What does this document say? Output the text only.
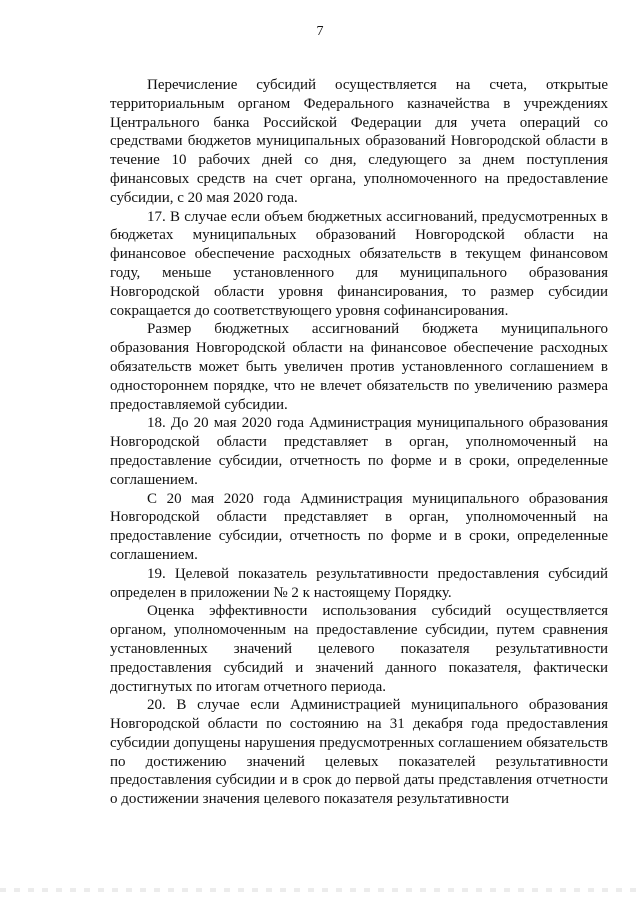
7

Перечисление субсидий осуществляется на счета, открытые территориальным органом Федерального казначейства в учреждениях Центрального банка Российской Федерации для учета операций со средствами бюджетов муниципальных образований Новгородской области в течение 10 рабочих дней со дня, следующего за днем поступления финансовых средств на счет органа, уполномоченного на предоставление субсидии, с 20 мая 2020 года.

17. В случае если объем бюджетных ассигнований, предусмотренных в бюджетах муниципальных образований Новгородской области на финансовое обеспечение расходных обязательств в текущем финансовом году, меньше установленного для муниципального образования Новгородской области уровня финансирования, то размер субсидии сокращается до соответствующего уровня софинансирования.

Размер бюджетных ассигнований бюджета муниципального образования Новгородской области на финансовое обеспечение расходных обязательств может быть увеличен против установленного соглашением в одностороннем порядке, что не влечет обязательств по увеличению размера предоставляемой субсидии.

18. До 20 мая 2020 года Администрация муниципального образования Новгородской области представляет в орган, уполномоченный на предоставление субсидии, отчетность по форме и в сроки, определенные соглашением.

С 20 мая 2020 года Администрация муниципального образования Новгородской области представляет в орган, уполномоченный на предоставление субсидии, отчетность по форме и в сроки, определенные соглашением.

19. Целевой показатель результативности предоставления субсидий определен в приложении № 2 к настоящему Порядку.

Оценка эффективности использования субсидий осуществляется органом, уполномоченным на предоставление субсидии, путем сравнения установленных значений целевого показателя результативности предоставления субсидий и значений данного показателя, фактически достигнутых по итогам отчетного периода.

20. В случае если Администрацией муниципального образования Новгородской области по состоянию на 31 декабря года предоставления субсидии допущены нарушения предусмотренных соглашением обязательств по достижению значений целевых показателей результативности предоставления субсидии и в срок до первой даты представления отчетности о достижении значения целевого показателя результативности
